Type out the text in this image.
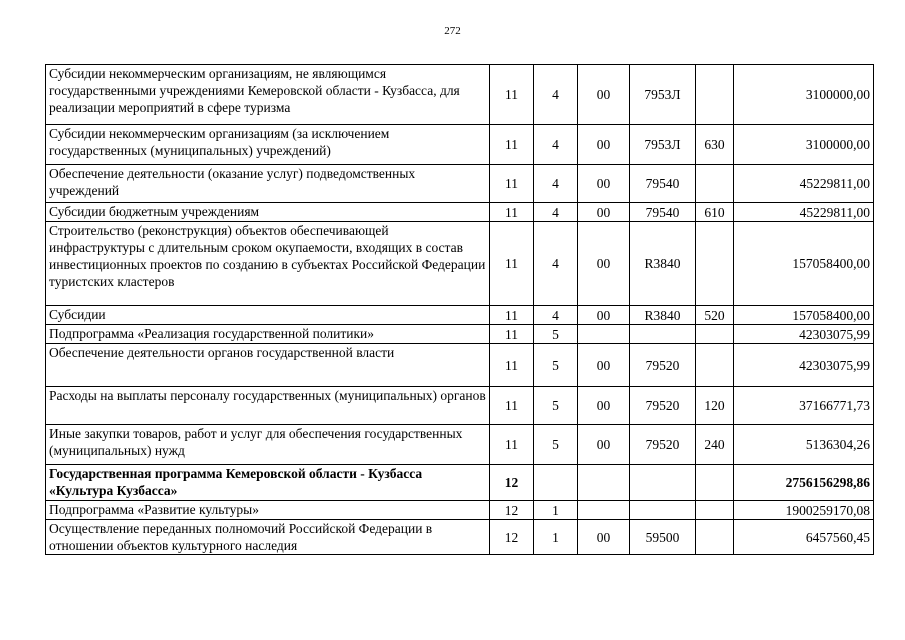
272
Субсидии некоммерческим организациям, не являющимся государственными учреждениями Кемеровской области - Кузбасса, для реализации мероприятий в сфере туризма	11	4	00	7953Л		3100000,00
Субсидии некоммерческим организациям (за исключением государственных (муниципальных) учреждений)	11	4	00	7953Л	630	3100000,00
Обеспечение деятельности (оказание услуг) подведомственных учреждений	11	4	00	79540		45229811,00
Субсидии бюджетным учреждениям	11	4	00	79540	610	45229811,00
Строительство (реконструкция) объектов обеспечивающей инфраструктуры с длительным сроком окупаемости, входящих в состав инвестиционных проектов по созданию в субъектах Российской Федерации туристских кластеров	11	4	00	R3840		157058400,00
Субсидии	11	4	00	R3840	520	157058400,00
Подпрограмма «Реализация государственной политики»	11	5				42303075,99
Обеспечение деятельности органов государственной власти	11	5	00	79520		42303075,99
Расходы на выплаты персоналу государственных (муниципальных) органов	11	5	00	79520	120	37166771,73
Иные закупки товаров, работ и услуг для обеспечения государственных (муниципальных) нужд	11	5	00	79520	240	5136304,26
Государственная программа Кемеровской области - Кузбасса «Культура Кузбасса»	12					2756156298,86
Подпрограмма «Развитие культуры»	12	1				1900259170,08
Осуществление переданных полномочий Российской Федерации в отношении объектов культурного наследия	12	1	00	59500		6457560,45
